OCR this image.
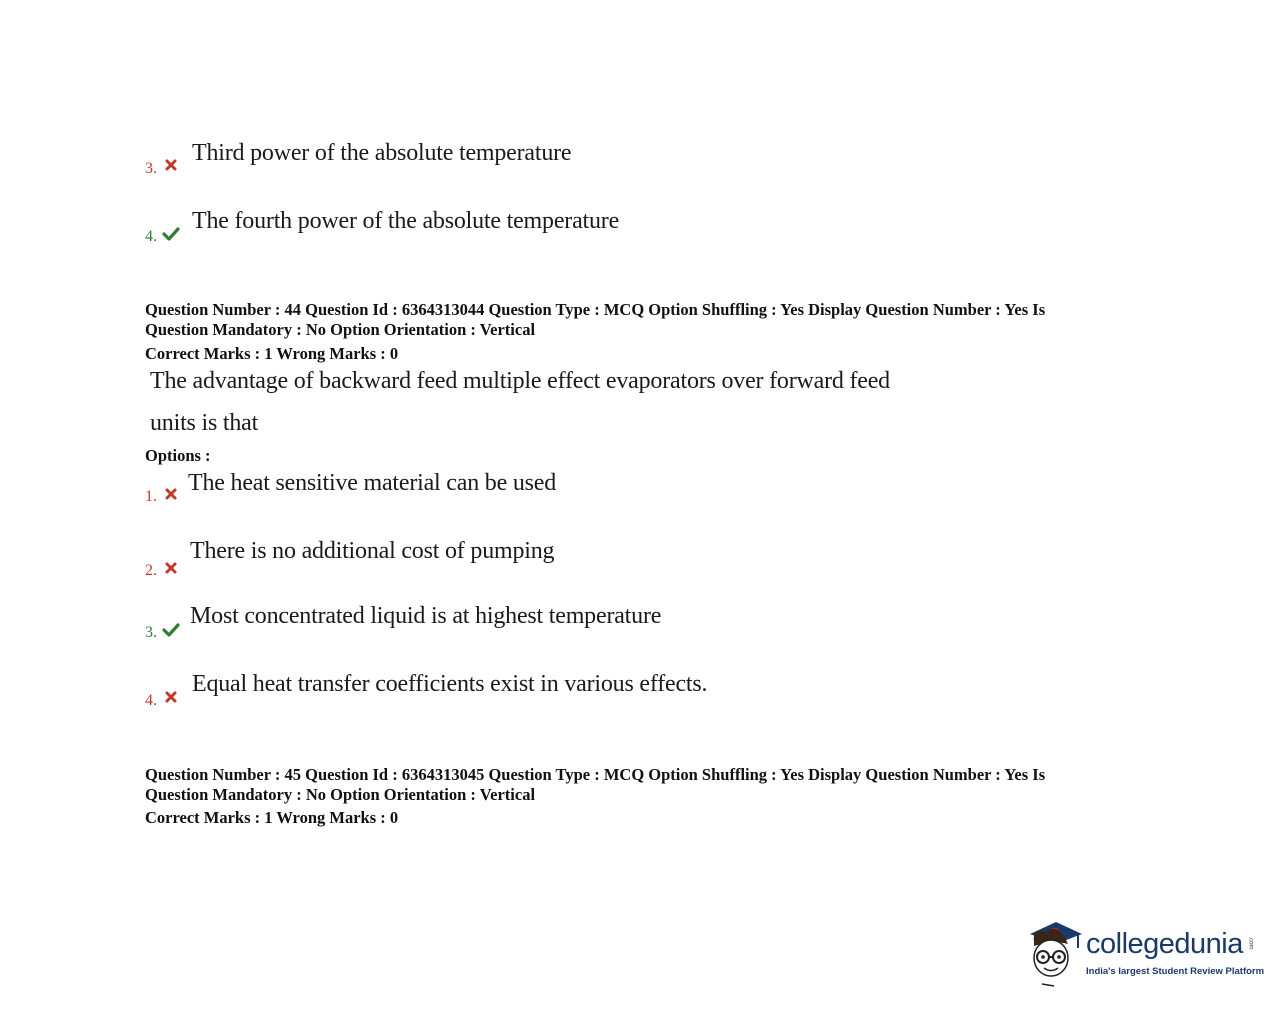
3.
Third power of the absolute temperature
4.
The fourth power of the absolute temperature
Question Number : 44 Question Id : 6364313044 Question Type : MCQ Option Shuffling : Yes Display Question Number : Yes Is
Question Mandatory : No Option Orientation : Vertical
Correct Marks : 1 Wrong Marks : 0
The advantage of backward feed multiple effect evaporators over forward feed
units is that
Options :
1.
The heat sensitive material can be used
2.
There is no additional cost of pumping
3.
Most concentrated liquid is at highest temperature
4.
Equal heat transfer coefficients exist in various effects.
Question Number : 45 Question Id : 6364313045 Question Type : MCQ Option Shuffling : Yes Display Question Number : Yes Is
Question Mandatory : No Option Orientation : Vertical
Correct Marks : 1 Wrong Marks : 0
collegedunia .com
India's largest Student Review Platform
